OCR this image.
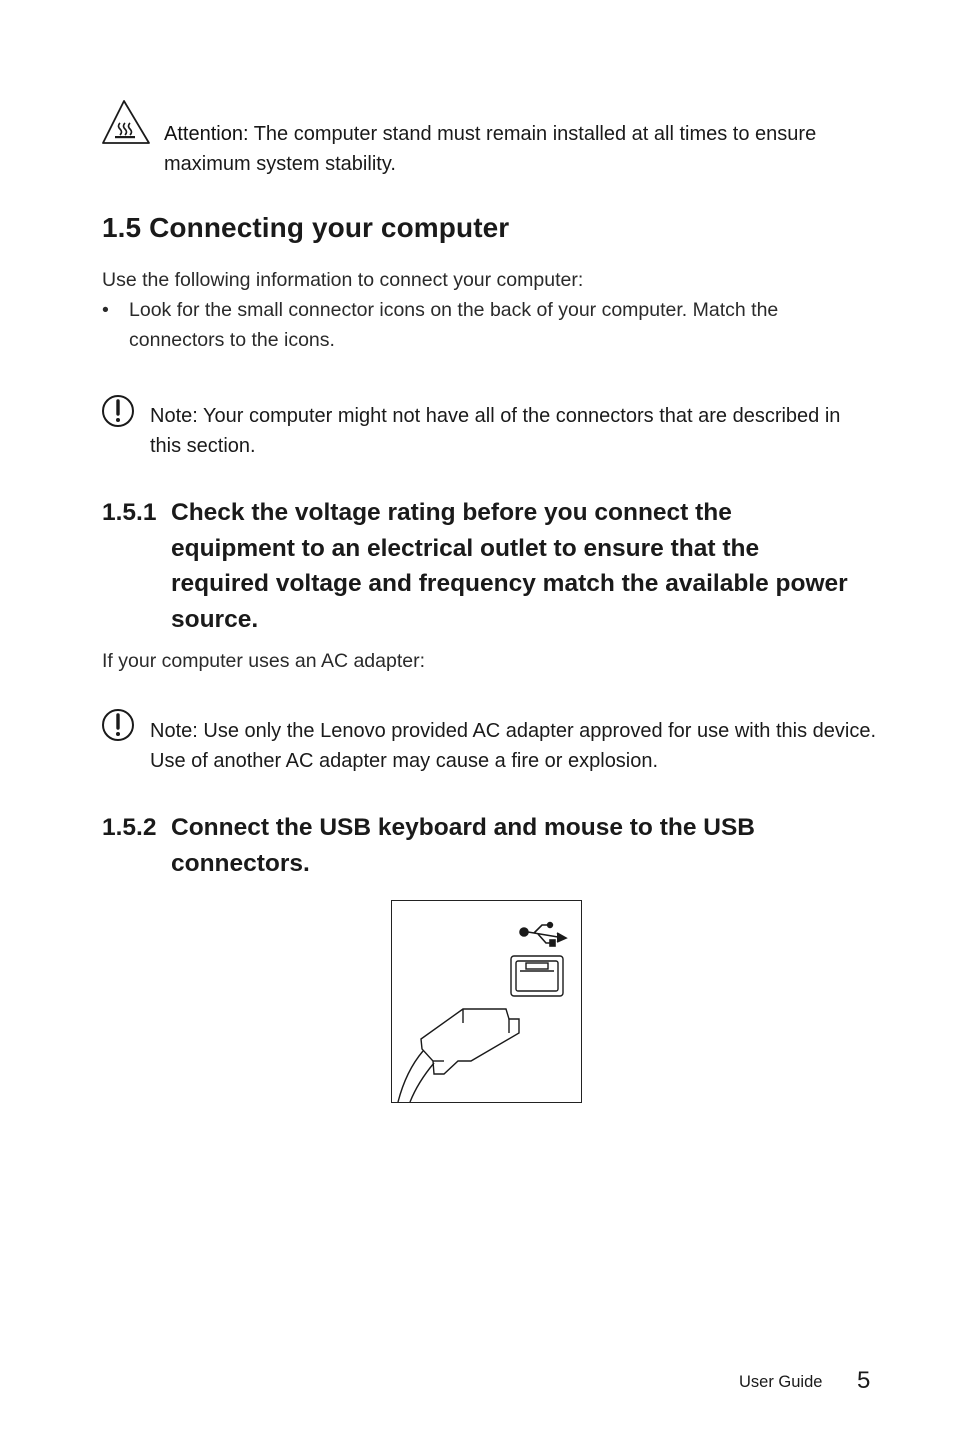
Attention: The computer stand must remain installed at all times to ensure maximum system stability.
1.5 Connecting your computer
Use the following information to connect your computer:
• Look for the small connector icons on the back of your computer. Match the connectors to the icons.
Note: Your computer might not have all of the connectors that are described in this section.
1.5.1 Check the voltage rating before you connect the equipment to an electrical outlet to ensure that the required voltage and frequency match the available power source.
If your computer uses an AC adapter:
Note: Use only the Lenovo provided AC adapter approved for use with this device. Use of another AC adapter may cause a fire or explosion.
1.5.2 Connect the USB keyboard and mouse to the USB connectors.
User Guide 5
